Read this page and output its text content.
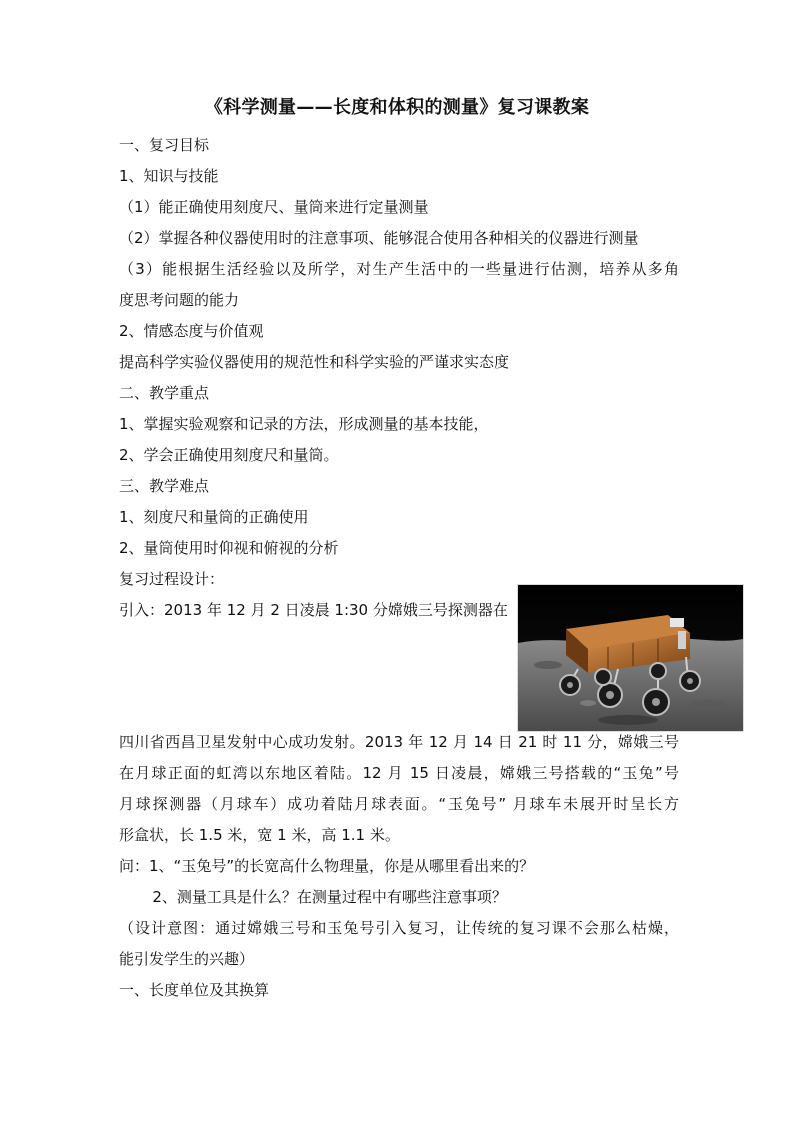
《科学测量——长度和体积的测量》复习课教案
一、复习目标
1、知识与技能
（1）能正确使用刻度尺、量筒来进行定量测量
（2）掌握各种仪器使用时的注意事项、能够混合使用各种相关的仪器进行测量
（3）能根据生活经验以及所学，对生产生活中的一些量进行估测，培养从多角
度思考问题的能力
2、情感态度与价值观
提高科学实验仪器使用的规范性和科学实验的严谨求实态度
二、教学重点
1、掌握实验观察和记录的方法，形成测量的基本技能，
2、学会正确使用刻度尺和量筒。
三、教学难点
1、刻度尺和量筒的正确使用
2、量筒使用时仰视和俯视的分析
复习过程设计：
引入：2013 年 12 月 2 日凌晨 1:30 分嫦娥三号探测器在
四川省西昌卫星发射中心成功发射。2013 年 12 月 14 日 21 时 11 分，嫦娥三号
在月球正面的虹湾以东地区着陆。12 月 15 日凌晨，嫦娥三号搭载的“玉兔”号
月球探测器（月球车）成功着陆月球表面。“玉兔号” 月球车未展开时呈长方
形盒状，长 1.5 米，宽 1 米，高 1.1 米。
问：1、“玉兔号”的长宽高什么物理量，你是从哪里看出来的？
2、测量工具是什么？在测量过程中有哪些注意事项？
（设计意图：通过嫦娥三号和玉兔号引入复习，让传统的复习课不会那么枯燥，
能引发学生的兴趣）
一、长度单位及其换算
